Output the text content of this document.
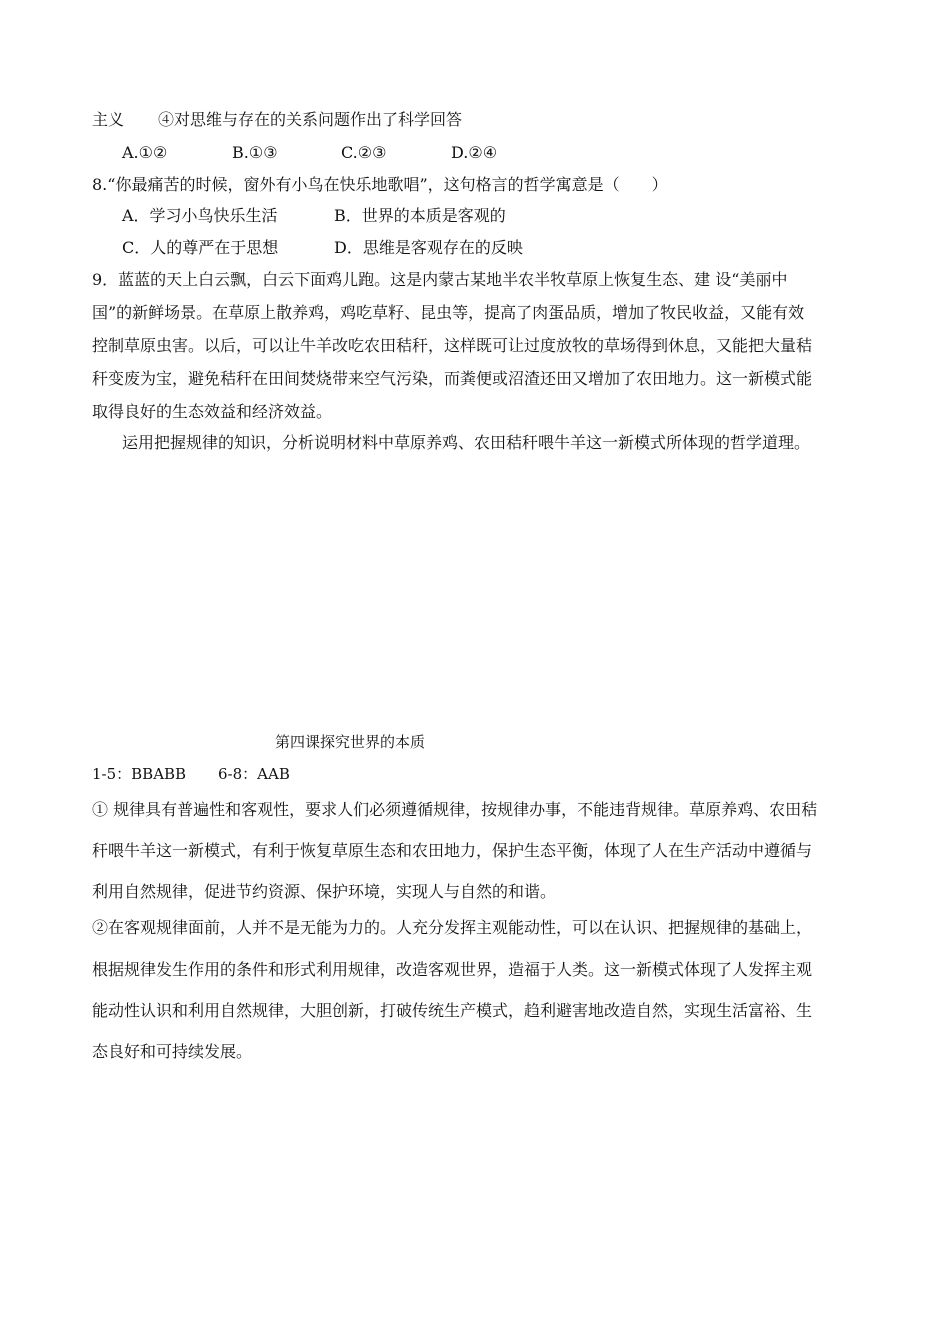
主义 ④对思维与存在的关系问题作出了科学回答
A.①②	B.①③	C.②③	D.②④
8.“你最痛苦的时候，窗外有小鸟在快乐地歌唱”，这句格言的哲学寓意是（　　）
A．学习小鸟快乐生活	B．世界的本质是客观的
C．人的尊严在于思想	D．思维是客观存在的反映
9．蓝蓝的天上白云飘，白云下面鸡儿跑。这是内蒙古某地半农半牧草原上恢复生态、建 设“美丽中
国”的新鲜场景。在草原上散养鸡，鸡吃草籽、昆虫等，提高了肉蛋品质，增加了牧民收益，又能有效
控制草原虫害。以后，可以让牛羊改吃农田秸秆，这样既可让过度放牧的草场得到休息，又能把大量秸
秆变废为宝，避免秸秆在田间焚烧带来空气污染，而粪便或沼渣还田又增加了农田地力。这一新模式能
取得良好的生态效益和经济效益。
运用把握规律的知识，分析说明材料中草原养鸡、农田秸秆喂牛羊这一新模式所体现的哲学道理。
第四课探究世界的本质
1-5：BBABB 6-8：AAB
① 规律具有普遍性和客观性，要求人们必须遵循规律，按规律办事，不能违背规律。草原养鸡、农田秸
秆喂牛羊这一新模式，有利于恢复草原生态和农田地力，保护生态平衡，体现了人在生产活动中遵循与
利用自然规律，促进节约资源、保护环境，实现人与自然的和谐。
②在客观规律面前，人并不是无能为力的。人充分发挥主观能动性，可以在认识、把握规律的基础上，
根据规律发生作用的条件和形式利用规律，改造客观世界，造福于人类。这一新模式体现了人发挥主观
能动性认识和利用自然规律，大胆创新，打破传统生产模式，趋利避害地改造自然，实现生活富裕、生
态良好和可持续发展。
